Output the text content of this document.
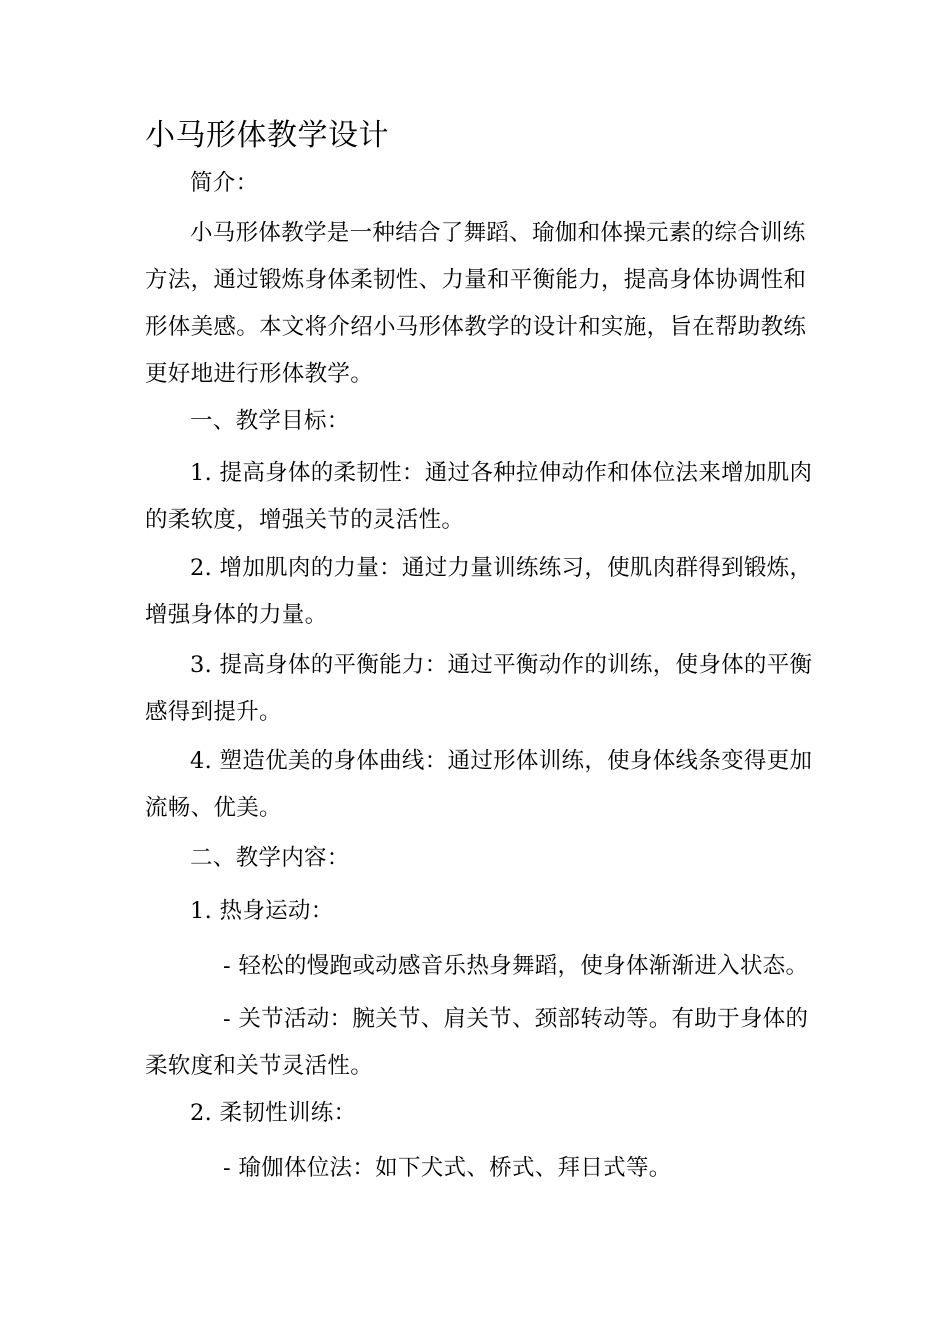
小马形体教学设计

简介：

小马形体教学是一种结合了舞蹈、瑜伽和体操元素的综合训练方法，通过锻炼身体柔韧性、力量和平衡能力，提高身体协调性和形体美感。本文将介绍小马形体教学的设计和实施，旨在帮助教练更好地进行形体教学。

一、教学目标：

1. 提高身体的柔韧性：通过各种拉伸动作和体位法来增加肌肉的柔软度，增强关节的灵活性。

2. 增加肌肉的力量：通过力量训练练习，使肌肉群得到锻炼，增强身体的力量。

3. 提高身体的平衡能力：通过平衡动作的训练，使身体的平衡感得到提升。

4. 塑造优美的身体曲线：通过形体训练，使身体线条变得更加流畅、优美。

二、教学内容：

1. 热身运动：

- 轻松的慢跑或动感音乐热身舞蹈，使身体渐渐进入状态。

- 关节活动：腕关节、肩关节、颈部转动等。有助于身体的柔软度和关节灵活性。

2. 柔韧性训练：

- 瑜伽体位法：如下犬式、桥式、拜日式等。
